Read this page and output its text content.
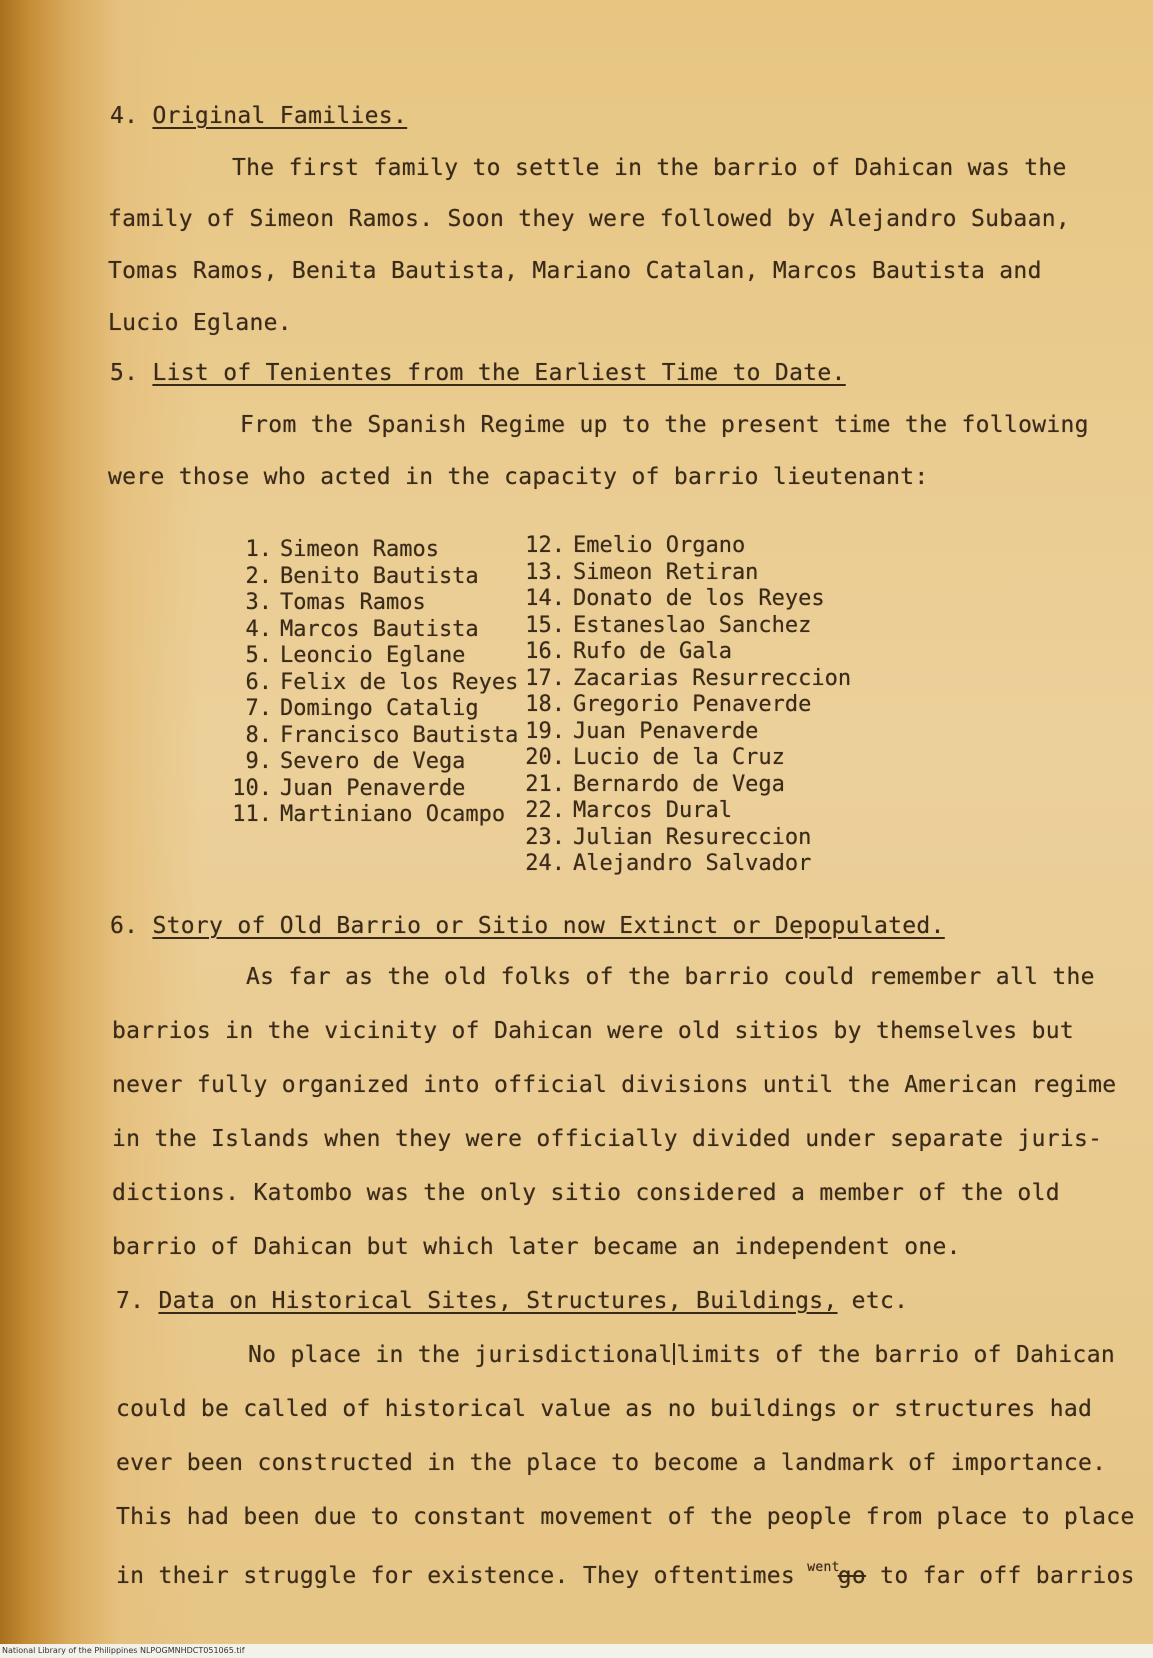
4. Original Families.
The first family to settle in the barrio of Dahican was the
family of Simeon Ramos. Soon they were followed by Alejandro Subaan,
Tomas Ramos, Benita Bautista, Mariano Catalan, Marcos Bautista and
Lucio Eglane.
5. List of Tenientes from the Earliest Time to Date.
From the Spanish Regime up to the present time the following
were those who acted in the capacity of barrio lieutenant:
1. Simeon Ramos
2. Benito Bautista
3. Tomas Ramos
4. Marcos Bautista
5. Leoncio Eglane
6. Felix de los Reyes
7. Domingo Catalig
8. Francisco Bautista
9. Severo de Vega
10. Juan Penaverde
11. Martiniano Ocampo
12. Emelio Organo
13. Simeon Retiran
14. Donato de los Reyes
15. Estaneslao Sanchez
16. Rufo de Gala
17. Zacarias Resurreccion
18. Gregorio Penaverde
19. Juan Penaverde
20. Lucio de la Cruz
21. Bernardo de Vega
22. Marcos Dural
23. Julian Resureccion
24. Alejandro Salvador
6. Story of Old Barrio or Sitio now Extinct or Depopulated.
As far as the old folks of the barrio could remember all the
barrios in the vicinity of Dahican were old sitios by themselves but
never fully organized into official divisions until the American regime
in the Islands when they were officially divided under separate juris-
dictions. Katombo was the only sitio considered a member of the old
barrio of Dahican but which later became an independent one.
7. Data on Historical Sites, Structures, Buildings, etc.
No place in the jurisdictional limits of the barrio of Dahican
could be called of historical value as no buildings or structures had
ever been constructed in the place to become a landmark of importance.
This had been due to constant movement of the people from place to place
in their struggle for existence. They oftentimes $^{went}$go to far off barrios
National Library of the Philippines NLPOGMNHDCT051065.tif
